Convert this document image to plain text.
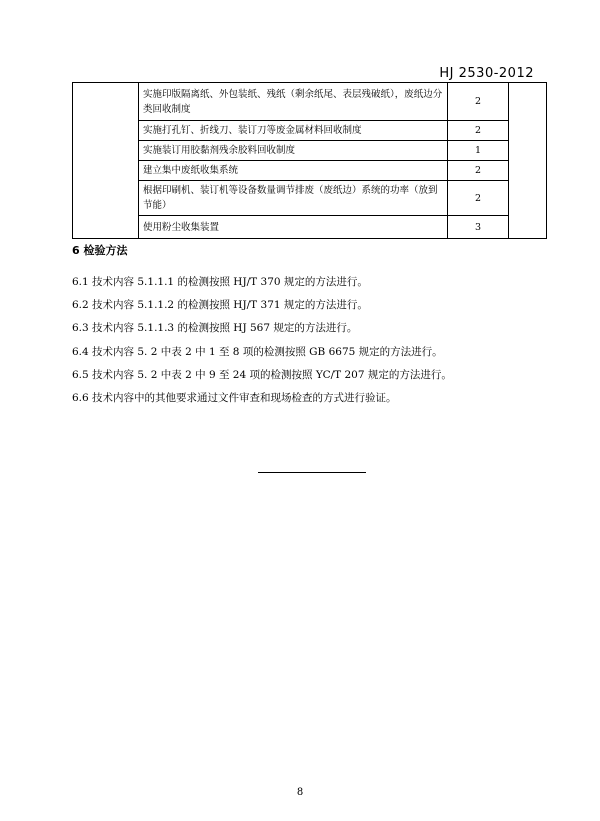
HJ 2530-2012
	实施印版隔离纸、外包装纸、残纸（剩余纸尾、表层残破纸），废纸边分类回收制度	2	
	实施打孔钉、折线刀、装订刀等废金属材料回收制度	2	
	实施装订用胶黏剂残余胶料回收制度	1	
	建立集中废纸收集系统	2	
	根据印刷机、装订机等设备数量调节排废（废纸边）系统的功率（放到节能）	2	
	使用粉尘收集装置	3	
6 检验方法
6.1 技术内容 5.1.1.1 的检测按照 HJ/T 370 规定的方法进行。
6.2 技术内容 5.1.1.2 的检测按照 HJ/T 371 规定的方法进行。
6.3 技术内容 5.1.1.3 的检测按照 HJ 567 规定的方法进行。
6.4 技术内容 5. 2 中表 2 中 1 至 8 项的检测按照 GB 6675 规定的方法进行。
6.5 技术内容 5. 2 中表 2 中 9 至 24 项的检测按照 YC/T 207 规定的方法进行。
6.6 技术内容中的其他要求通过文件审查和现场检查的方式进行验证。
8
